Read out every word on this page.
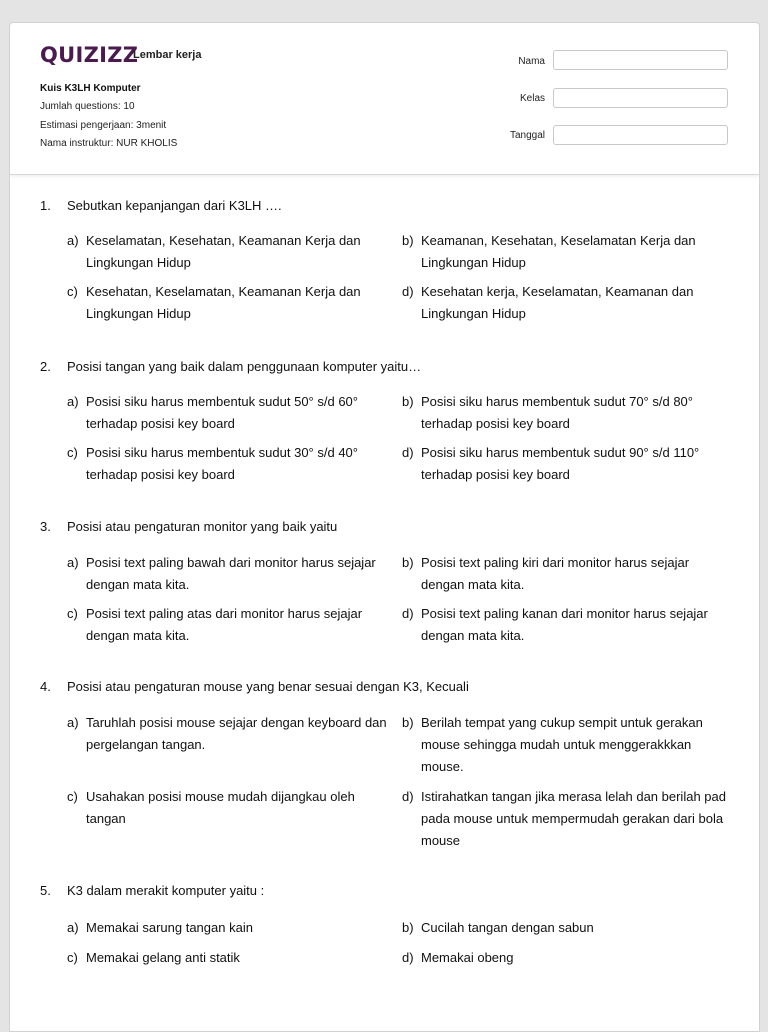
QUIZIZZ
Lembar kerja
Kuis K3LH Komputer
Jumlah questions: 10
Estimasi pengerjaan: 3menit
Nama instruktur: NUR KHOLIS
Nama
Kelas
Tanggal
1. Sebutkan kepanjangan dari K3LH ….
a) Keselamatan, Kesehatan, Keamanan Kerja dan Lingkungan Hidup
b) Keamanan, Kesehatan, Keselamatan Kerja dan Lingkungan Hidup
c) Kesehatan, Keselamatan, Keamanan Kerja dan Lingkungan Hidup
d) Kesehatan kerja, Keselamatan, Keamanan dan Lingkungan Hidup
2. Posisi tangan yang baik dalam penggunaan komputer yaitu…
a) Posisi siku harus membentuk sudut 50° s/d 60° terhadap posisi key board
b) Posisi siku harus membentuk sudut 70° s/d 80° terhadap posisi key board
c) Posisi siku harus membentuk sudut 30° s/d 40° terhadap posisi key board
d) Posisi siku harus membentuk sudut 90° s/d 110° terhadap posisi key board
3. Posisi atau pengaturan monitor yang baik yaitu
a) Posisi text paling bawah dari monitor harus sejajar dengan mata kita.
b) Posisi text paling kiri dari monitor harus sejajar dengan mata kita.
c) Posisi text paling atas dari monitor harus sejajar dengan mata kita.
d) Posisi text paling kanan dari monitor harus sejajar dengan mata kita.
4. Posisi atau pengaturan mouse yang benar sesuai dengan K3, Kecuali
a) Taruhlah posisi mouse sejajar dengan keyboard dan pergelangan tangan.
b) Berilah tempat yang cukup sempit untuk gerakan mouse sehingga mudah untuk menggerakkkan mouse.
c) Usahakan posisi mouse mudah dijangkau oleh tangan
d) Istirahatkan tangan jika merasa lelah dan berilah pad pada mouse untuk mempermudah gerakan dari bola mouse
5. K3 dalam merakit komputer yaitu :
a) Memakai sarung tangan kain	b) Cucilah tangan dengan sabun
c) Memakai gelang anti statik	d) Memakai obeng
